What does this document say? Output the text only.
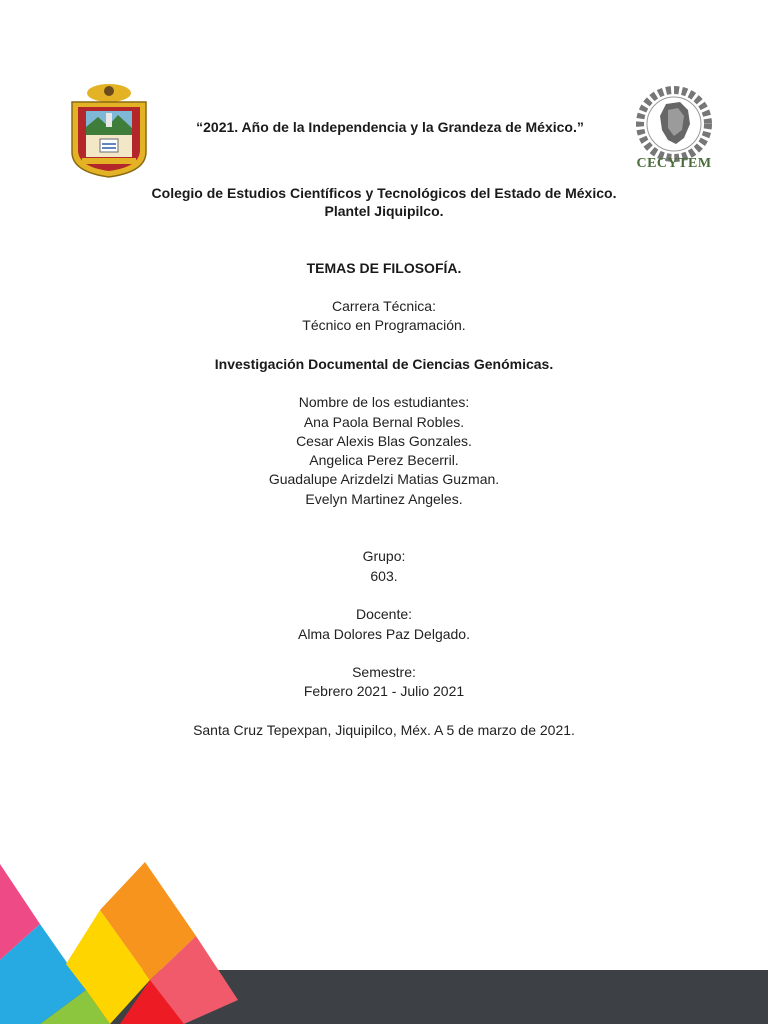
“2021. Año de la Independencia y la Grandeza de México.”
CECYTEM
Colegio de Estudios Científicos y Tecnológicos del Estado de México.
Plantel Jiquipilco.
TEMAS DE FILOSOFÍA.
Carrera Técnica:
Técnico en Programación.
Investigación Documental de Ciencias Genómicas.
Nombre de los estudiantes:
Ana Paola Bernal Robles.
Cesar Alexis Blas Gonzales.
Angelica Perez Becerril.
Guadalupe Arizdelzi Matias Guzman.
Evelyn Martinez Angeles.
Grupo:
603.
Docente:
Alma Dolores Paz Delgado.
Semestre:
Febrero 2021 - Julio 2021
Santa Cruz Tepexpan, Jiquipilco, Méx. A 5 de marzo de 2021.
